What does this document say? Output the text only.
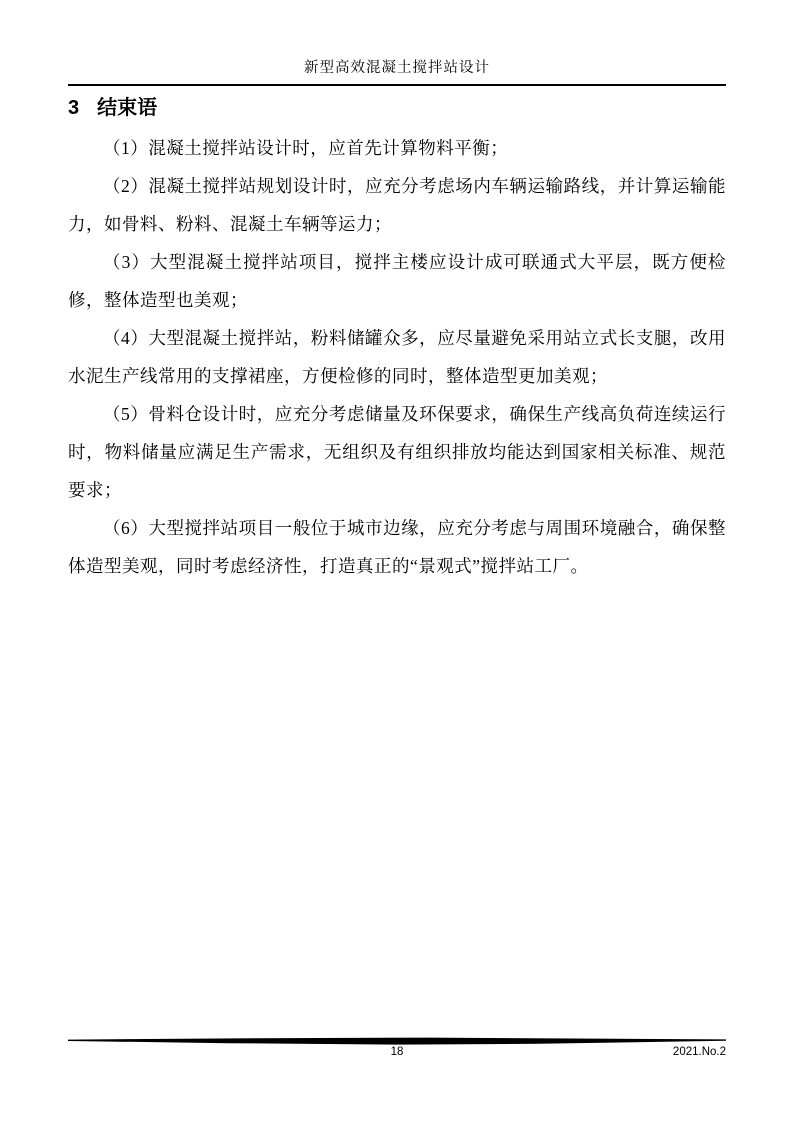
新型高效混凝土搅拌站设计
3 结束语

（1）混凝土搅拌站设计时，应首先计算物料平衡；

（2）混凝土搅拌站规划设计时，应充分考虑场内车辆运输路线，并计算运输能力，如骨料、粉料、混凝土车辆等运力；

（3）大型混凝土搅拌站项目，搅拌主楼应设计成可联通式大平层，既方便检修，整体造型也美观；

（4）大型混凝土搅拌站，粉料储罐众多，应尽量避免采用站立式长支腿，改用水泥生产线常用的支撑裙座，方便检修的同时，整体造型更加美观；

（5）骨料仓设计时，应充分考虑储量及环保要求，确保生产线高负荷连续运行时，物料储量应满足生产需求，无组织及有组织排放均能达到国家相关标准、规范要求；

（6）大型搅拌站项目一般位于城市边缘，应充分考虑与周围环境融合，确保整体造型美观，同时考虑经济性，打造真正的“景观式”搅拌站工厂。

18	2021.No.2
